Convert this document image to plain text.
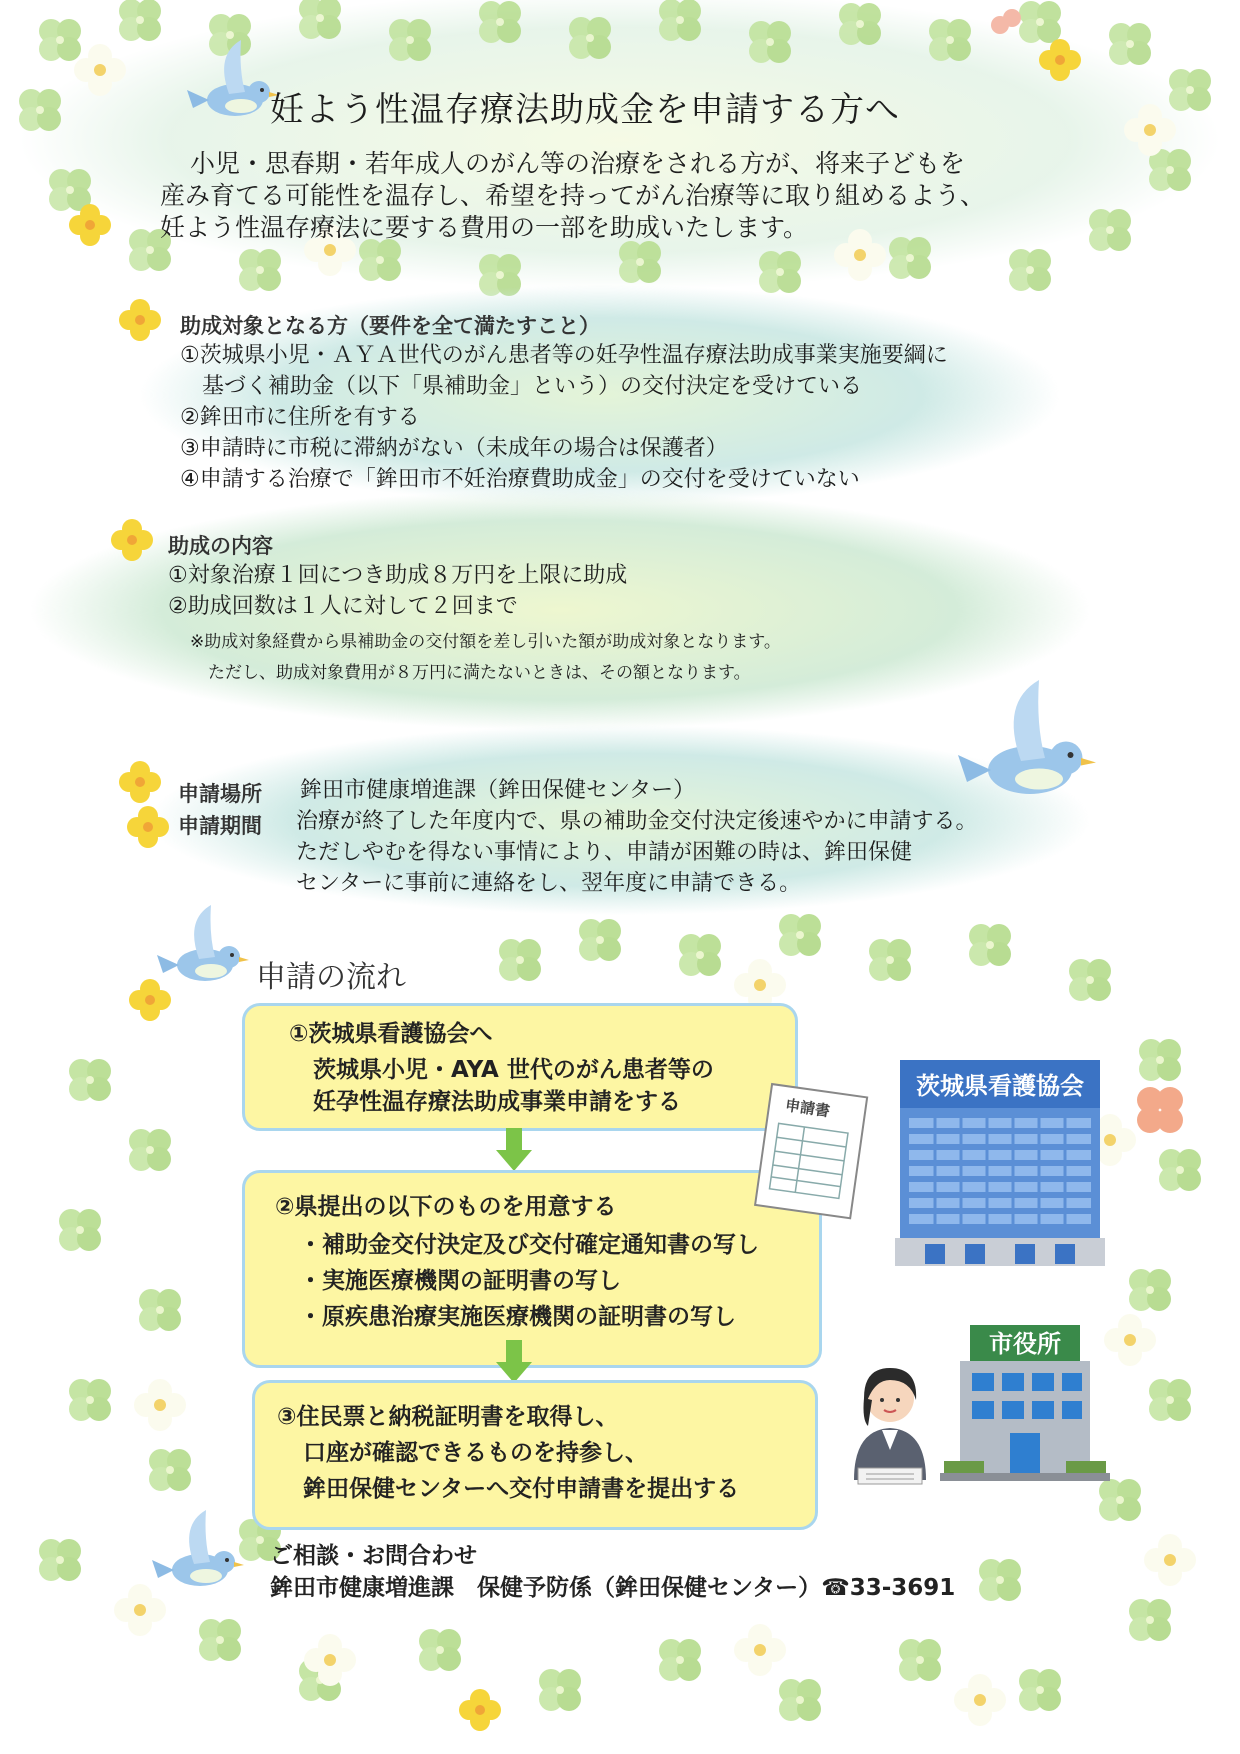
妊よう性温存療法助成金を申請する方へ
小児・思春期・若年成人のがん等の治療をされる方が、将来子どもを
産み育てる可能性を温存し、希望を持ってがん治療等に取り組めるよう、
妊よう性温存療法に要する費用の一部を助成いたします。
助成対象となる方（要件を全て満たすこと）
①茨城県小児・ＡＹＡ世代のがん患者等の妊孕性温存療法助成事業実施要綱に
　基づく補助金（以下「県補助金」という）の交付決定を受けている
②鉾田市に住所を有する
③申請時に市税に滞納がない（未成年の場合は保護者）
④申請する治療で「鉾田市不妊治療費助成金」の交付を受けていない
助成の内容
①対象治療１回につき助成８万円を上限に助成
②助成回数は１人に対して２回まで
※助成対象経費から県補助金の交付額を差し引いた額が助成対象となります。
ただし、助成対象費用が８万円に満たないときは、その額となります。
申請場所 鉾田市健康増進課（鉾田保健センター）
申請期間 治療が終了した年度内で、県の補助金交付決定後速やかに申請する。
ただしやむを得ない事情により、申請が困難の時は、鉾田保健
センターに事前に連絡をし、翌年度に申請できる。
申請の流れ
①茨城県看護協会へ
茨城県小児・AYA 世代のがん患者等の
妊孕性温存療法助成事業申請をする
②県提出の以下のものを用意する
・補助金交付決定及び交付確定通知書の写し
・実施医療機関の証明書の写し
・原疾患治療実施医療機関の証明書の写し
③住民票と納税証明書を取得し、
口座が確認できるものを持参し、
鉾田保健センターへ交付申請書を提出する
申請書
茨城県看護協会
市役所
ご相談・お問合わせ
鉾田市健康増進課　保健予防係（鉾田保健センター）☎33-3691
